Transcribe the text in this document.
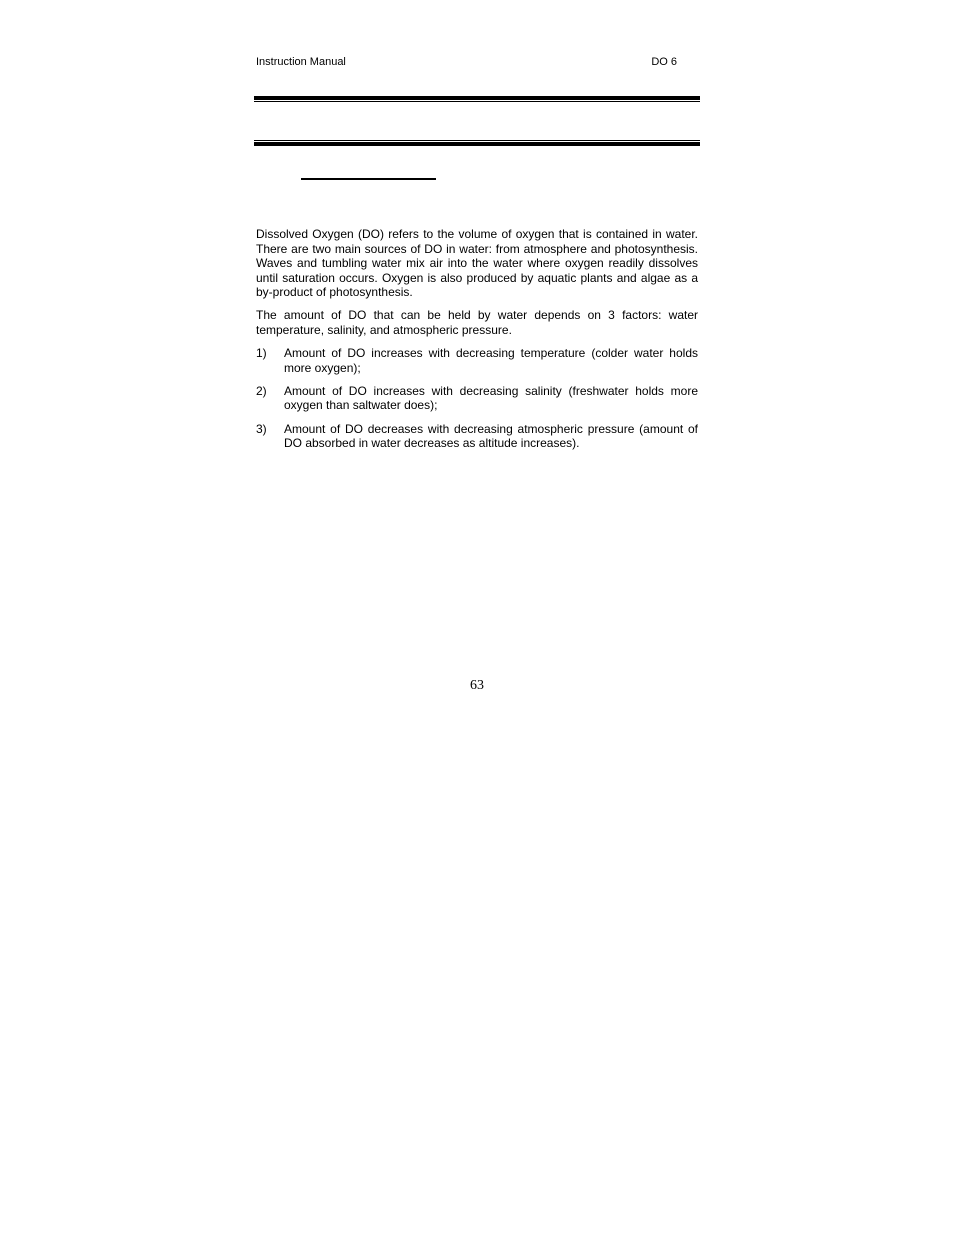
Instruction Manual	DO 6

Dissolved Oxygen (DO) refers to the volume of oxygen that is contained in water. There are two main sources of DO in water: from atmosphere and photosynthesis. Waves and tumbling water mix air into the water where oxygen readily dissolves until saturation occurs. Oxygen is also produced by aquatic plants and algae as a by-product of photosynthesis.

The amount of DO that can be held by water depends on 3 factors: water temperature, salinity, and atmospheric pressure.

1) Amount of DO increases with decreasing temperature (colder water holds more oxygen);
2) Amount of DO increases with decreasing salinity (freshwater holds more oxygen than saltwater does);
3) Amount of DO decreases with decreasing atmospheric pressure (amount of DO absorbed in water decreases as altitude increases).
63
